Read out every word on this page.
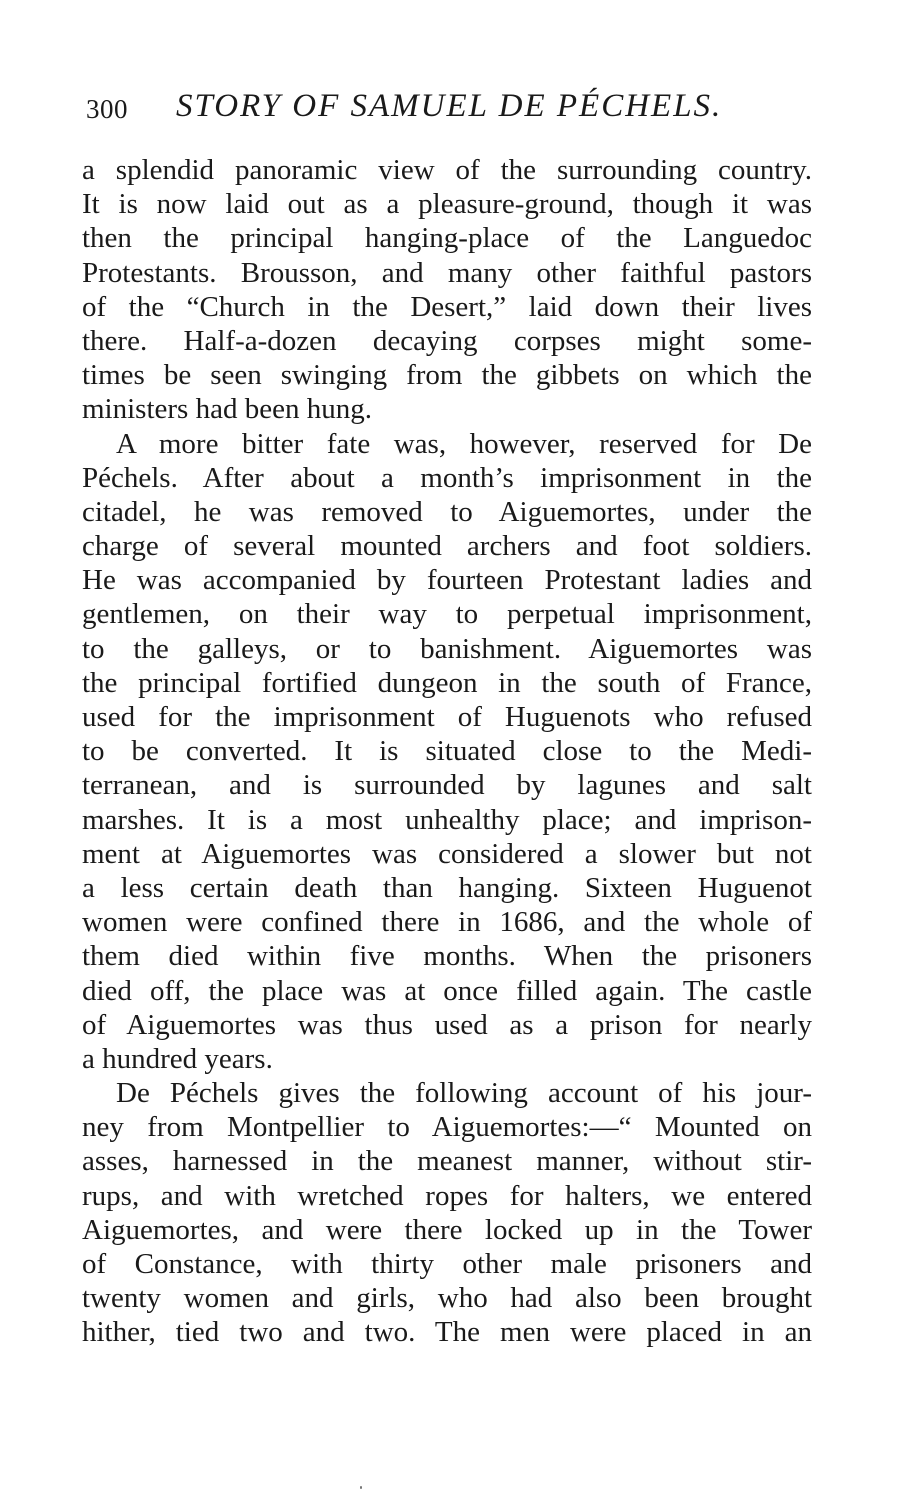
300 STORY OF SAMUEL DE PÉCHELS.

a splendid panoramic view of the surrounding country.
It is now laid out as a pleasure-ground, though it was
then the principal hanging-place of the Languedoc
Protestants. Brousson, and many other faithful pastors
of the “Church in the Desert,” laid down their lives
there. Half-a-dozen decaying corpses might some-
times be seen swinging from the gibbets on which the
ministers had been hung.

A more bitter fate was, however, reserved for De
Péchels. After about a month’s imprisonment in the
citadel, he was removed to Aiguemortes, under the
charge of several mounted archers and foot soldiers.
He was accompanied by fourteen Protestant ladies and
gentlemen, on their way to perpetual imprisonment,
to the galleys, or to banishment. Aiguemortes was
the principal fortified dungeon in the south of France,
used for the imprisonment of Huguenots who refused
to be converted. It is situated close to the Medi-
terranean, and is surrounded by lagunes and salt
marshes. It is a most unhealthy place; and imprison-
ment at Aiguemortes was considered a slower but not
a less certain death than hanging. Sixteen Huguenot
women were confined there in 1686, and the whole of
them died within five months. When the prisoners
died off, the place was at once filled again. The castle
of Aiguemortes was thus used as a prison for nearly
a hundred years.

De Péchels gives the following account of his jour-
ney from Montpellier to Aiguemortes:—“ Mounted on
asses, harnessed in the meanest manner, without stir-
rups, and with wretched ropes for halters, we entered
Aiguemortes, and were there locked up in the Tower
of Constance, with thirty other male prisoners and
twenty women and girls, who had also been brought
hither, tied two and two. The men were placed in an
